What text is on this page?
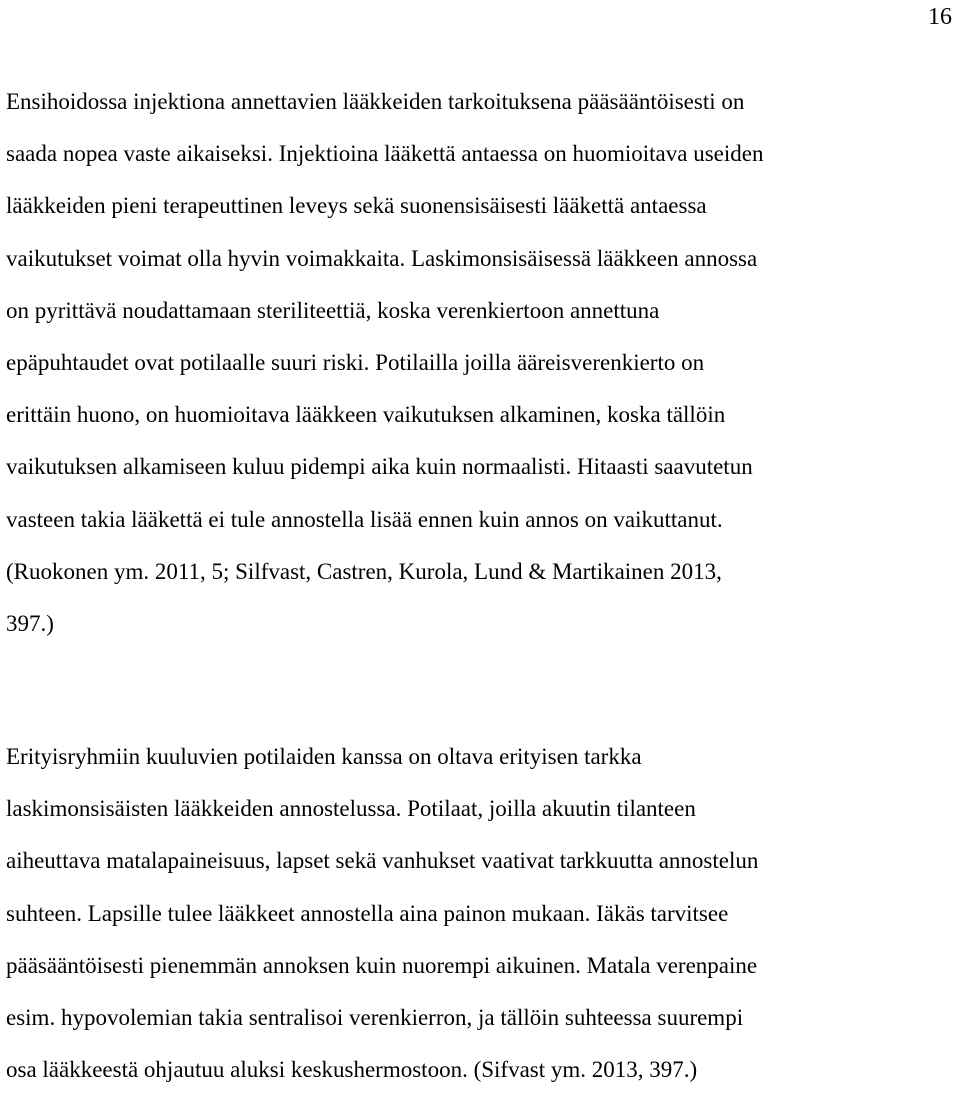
16
Ensihoidossa injektiona annettavien lääkkeiden tarkoituksena pääsääntöisesti on
saada nopea vaste aikaiseksi. Injektioina lääkettä antaessa on huomioitava useiden
lääkkeiden pieni terapeuttinen leveys sekä suonensisäisesti lääkettä antaessa
vaikutukset voimat olla hyvin voimakkaita. Laskimonsisäisessä lääkkeen annossa
on pyrittävä noudattamaan steriliteettiä, koska verenkiertoon annettuna
epäpuhtaudet ovat potilaalle suuri riski. Potilailla joilla ääreisverenkierto on
erittäin huono, on huomioitava lääkkeen vaikutuksen alkaminen, koska tällöin
vaikutuksen alkamiseen kuluu pidempi aika kuin normaalisti. Hitaasti saavutetun
vasteen takia lääkettä ei tule annostella lisää ennen kuin annos on vaikuttanut.
(Ruokonen ym. 2011, 5; Silfvast, Castren, Kurola, Lund & Martikainen 2013,
397.)
Erityisryhmiin kuuluvien potilaiden kanssa on oltava erityisen tarkka
laskimonsisäisten lääkkeiden annostelussa. Potilaat, joilla akuutin tilanteen
aiheuttava matalapaineisuus, lapset sekä vanhukset vaativat tarkkuutta annostelun
suhteen. Lapsille tulee lääkkeet annostella aina painon mukaan. Iäkäs tarvitsee
pääsääntöisesti pienemmän annoksen kuin nuorempi aikuinen. Matala verenpaine
esim. hypovolemian takia sentralisoi verenkierron, ja tällöin suhteessa suurempi
osa lääkkeestä ohjautuu aluksi keskushermostoon. (Sifvast ym. 2013, 397.)
